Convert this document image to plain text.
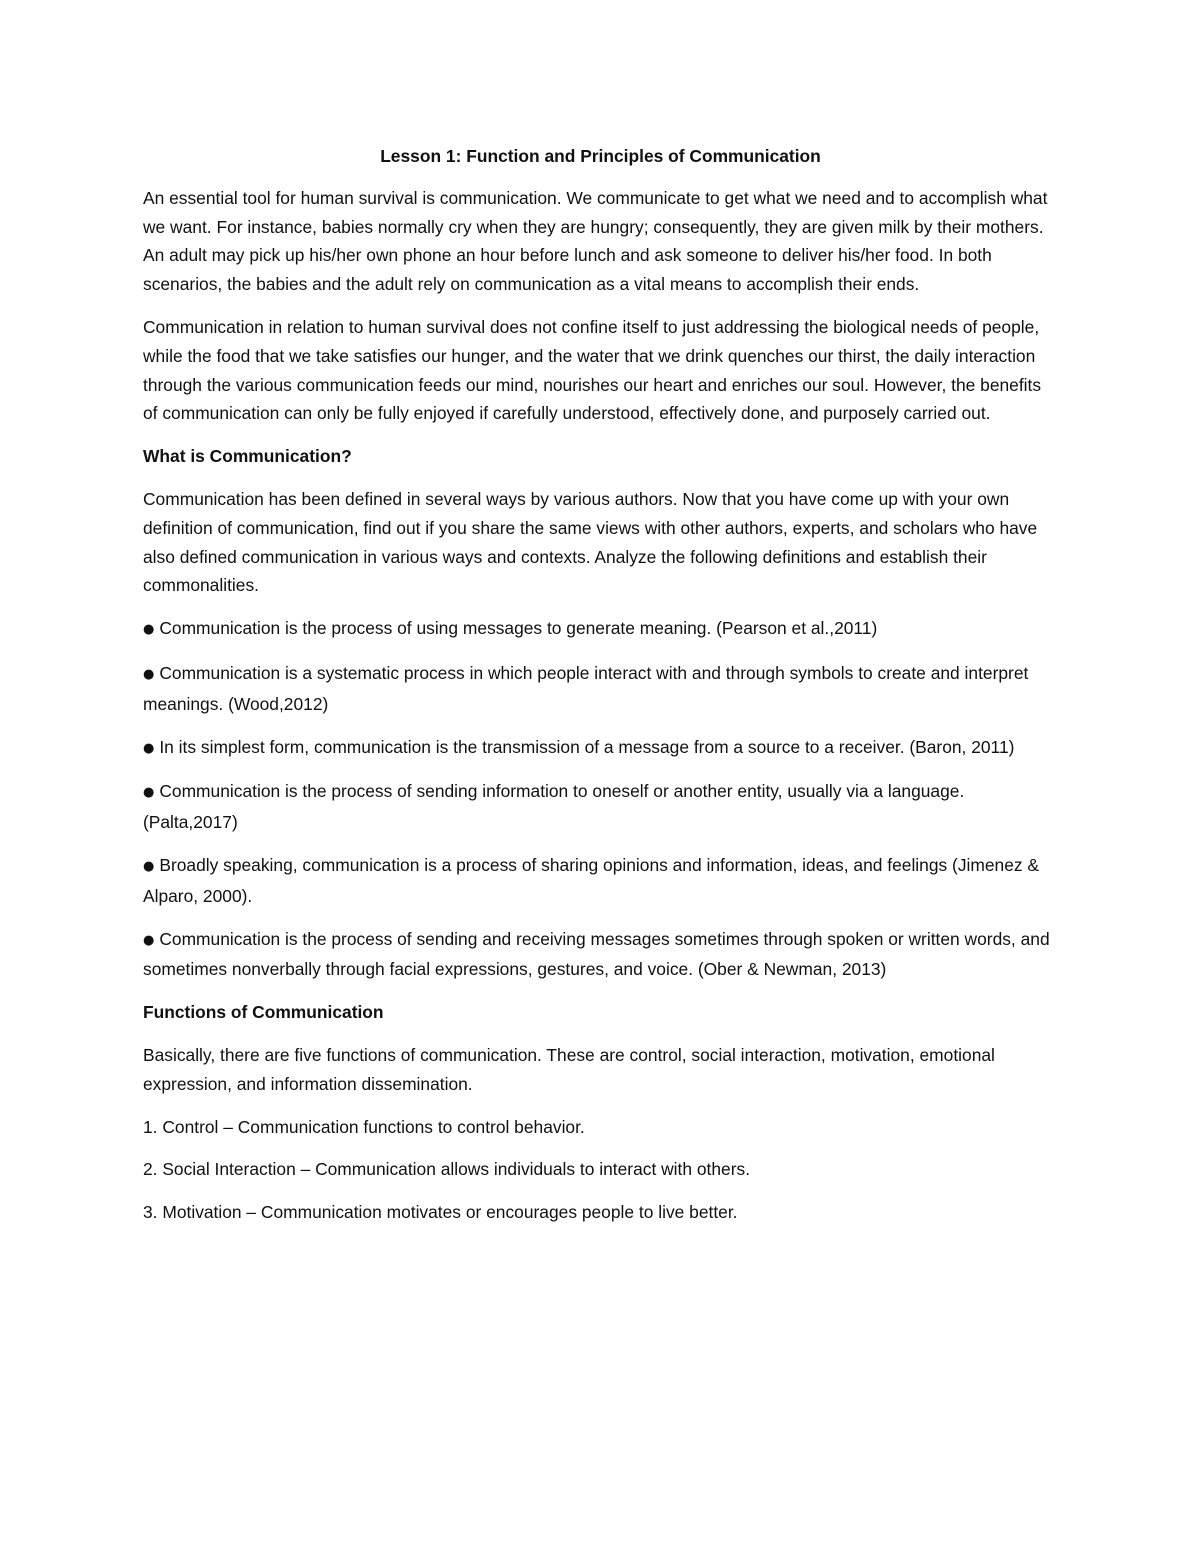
Lesson 1: Function and Principles of Communication

An essential tool for human survival is communication. We communicate to get what we need and to accomplish what we want. For instance, babies normally cry when they are hungry; consequently, they are given milk by their mothers. An adult may pick up his/her own phone an hour before lunch and ask someone to deliver his/her food. In both scenarios, the babies and the adult rely on communication as a vital means to accomplish their ends.

Communication in relation to human survival does not confine itself to just addressing the biological needs of people, while the food that we take satisfies our hunger, and the water that we drink quenches our thirst, the daily interaction through the various communication feeds our mind, nourishes our heart and enriches our soul. However, the benefits of communication can only be fully enjoyed if carefully understood, effectively done, and purposely carried out.

What is Communication?

Communication has been defined in several ways by various authors. Now that you have come up with your own definition of communication, find out if you share the same views with other authors, experts, and scholars who have also defined communication in various ways and contexts. Analyze the following definitions and establish their commonalities.

● Communication is the process of using messages to generate meaning. (Pearson et al.,2011)

● Communication is a systematic process in which people interact with and through symbols to create and interpret meanings. (Wood,2012)

● In its simplest form, communication is the transmission of a message from a source to a receiver. (Baron, 2011)

● Communication is the process of sending information to oneself or another entity, usually via a language. (Palta,2017)

● Broadly speaking, communication is a process of sharing opinions and information, ideas, and feelings (Jimenez & Alparo, 2000).

● Communication is the process of sending and receiving messages sometimes through spoken or written words, and sometimes nonverbally through facial expressions, gestures, and voice. (Ober & Newman, 2013)

Functions of Communication

Basically, there are five functions of communication. These are control, social interaction, motivation, emotional expression, and information dissemination.

1. Control – Communication functions to control behavior.

2. Social Interaction – Communication allows individuals to interact with others.

3. Motivation – Communication motivates or encourages people to live better.
